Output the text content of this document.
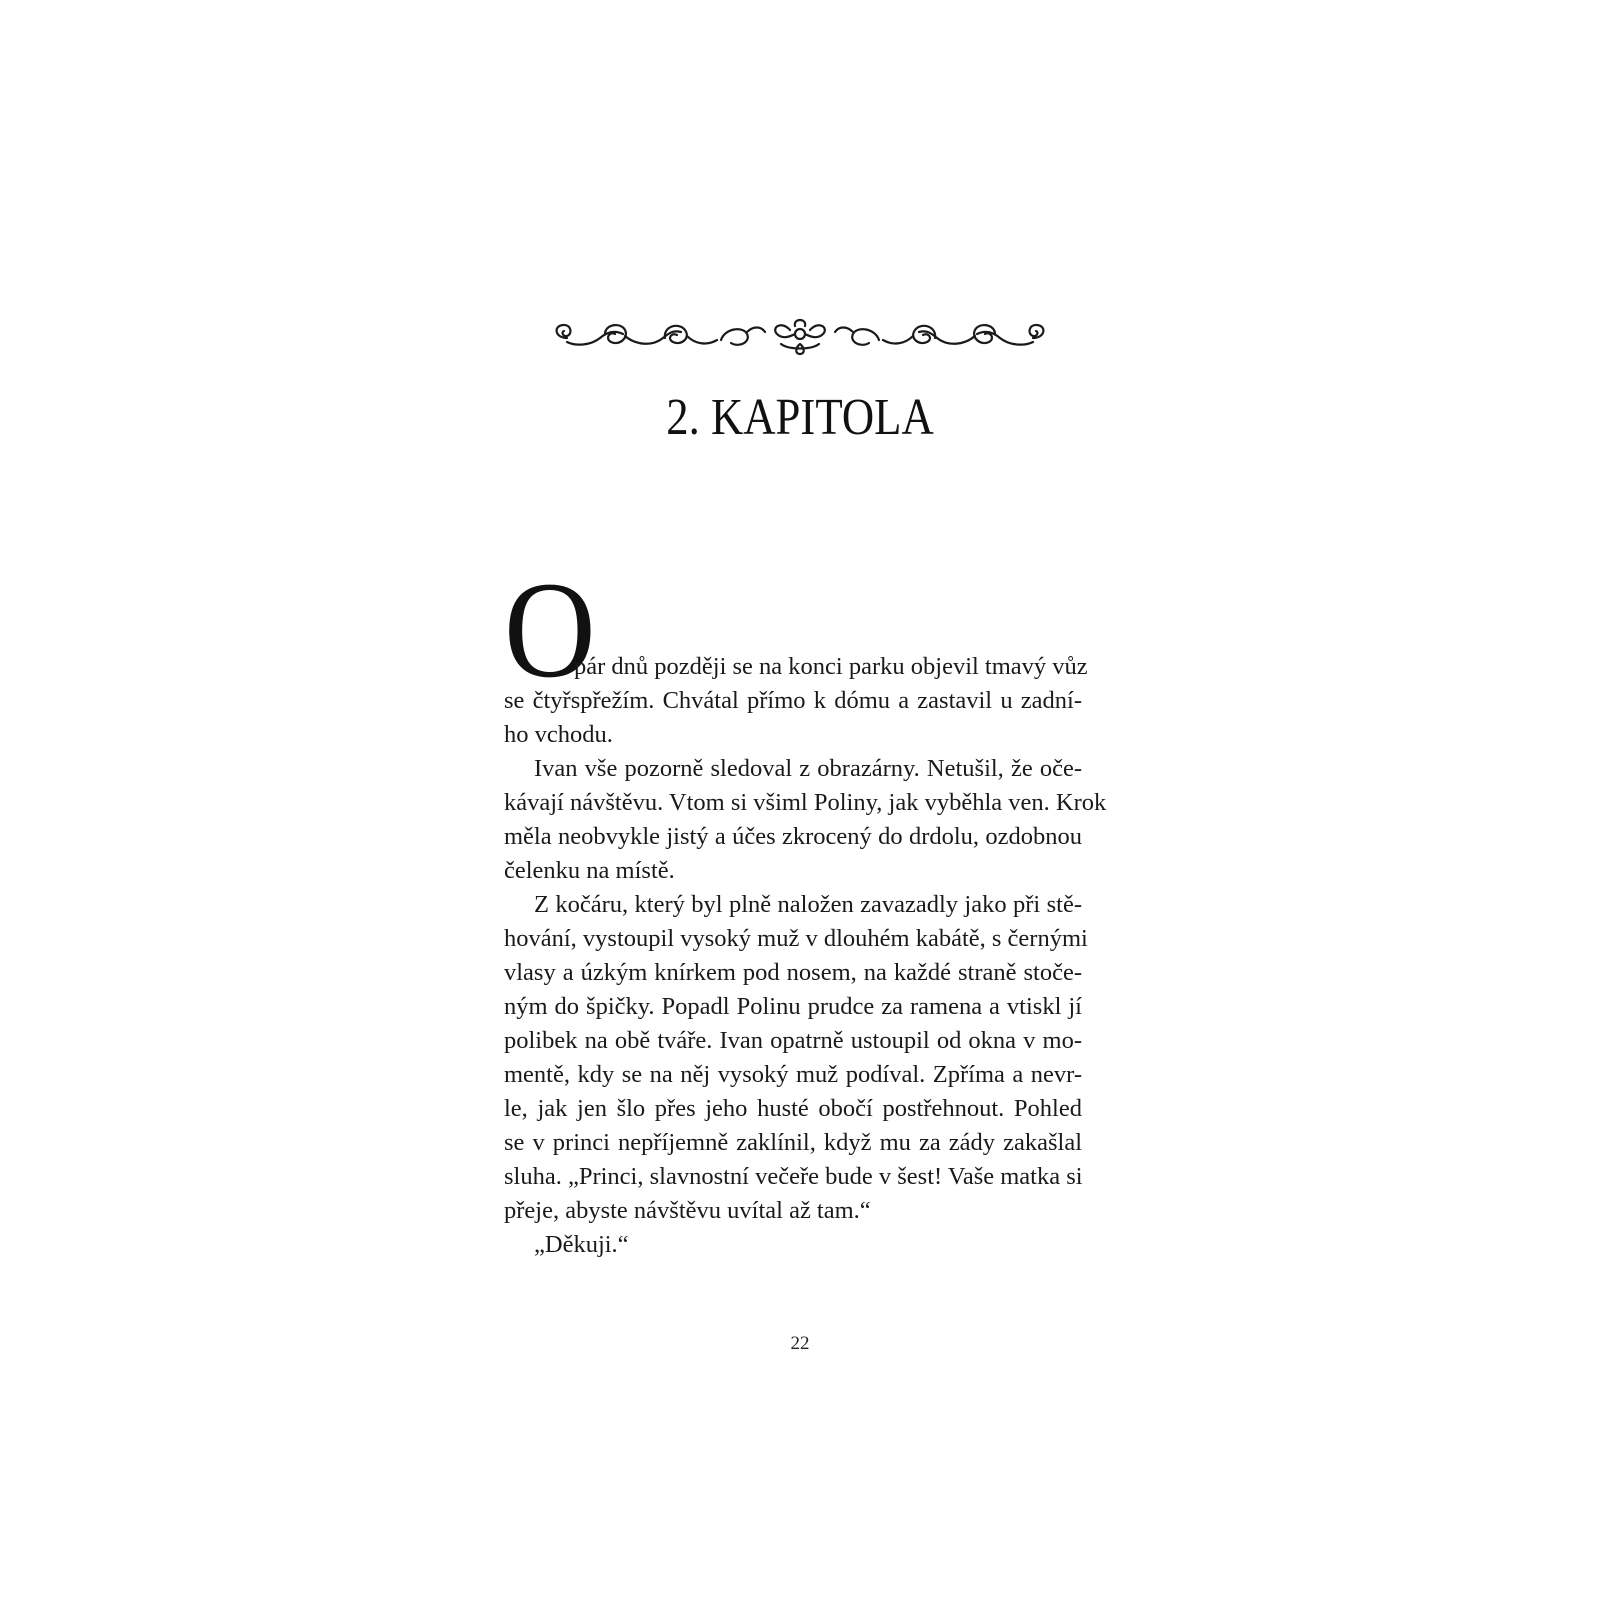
2. KAPITOLA
O
pár dnů později se na konci parku objevil tmavý vůz
se čtyřspřežím. Chvátal přímo k dómu a zastavil u zadní-
ho vchodu.
Ivan vše pozorně sledoval z obrazárny. Netušil, že oče-
kávají návštěvu. Vtom si všiml Poliny, jak vyběhla ven. Krok
měla neobvykle jistý a účes zkrocený do drdolu, ozdobnou
čelenku na místě.
Z kočáru, který byl plně naložen zavazadly jako při stě-
hování, vystoupil vysoký muž v dlouhém kabátě, s černými
vlasy a úzkým knírkem pod nosem, na každé straně stoče-
ným do špičky. Popadl Polinu prudce za ramena a vtiskl jí
polibek na obě tváře. Ivan opatrně ustoupil od okna v mo-
mentě, kdy se na něj vysoký muž podíval. Zpříma a nevr-
le, jak jen šlo přes jeho husté obočí postřehnout. Pohled
se v princi nepříjemně zaklínil, když mu za zády zakašlal
sluha. „Princi, slavnostní večeře bude v šest! Vaše matka si
přeje, abyste návštěvu uvítal až tam.“
„Děkuji.“
22
